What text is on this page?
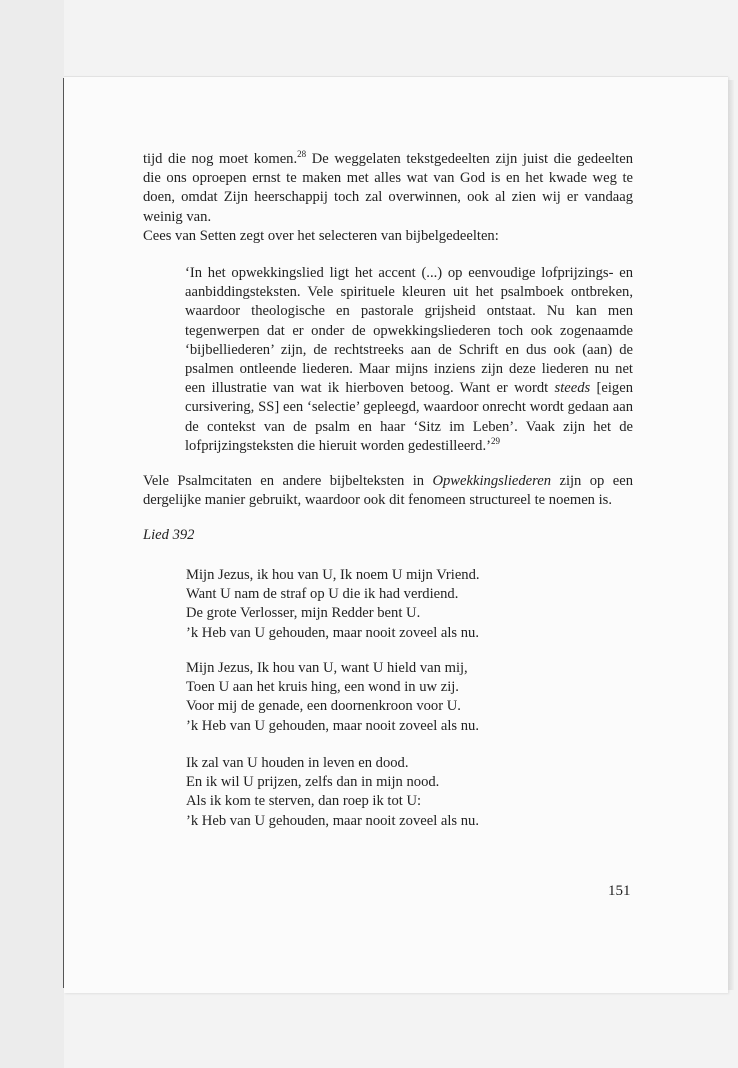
tijd die nog moet komen.$^{28}$ De weggelaten tekstgedeelten zijn juist die gedeelten die ons oproepen ernst te maken met alles wat van God is en het kwade weg te doen, omdat Zijn heerschappij toch zal overwinnen, ook al zien wij er vandaag weinig van.
Cees van Setten zegt over het selecteren van bijbelgedeelten:
‘In het opwekkingslied ligt het accent (...) op eenvoudige lofprijzings- en aanbiddingsteksten. Vele spirituele kleuren uit het psalmboek ontbreken, waardoor theologische en pastorale grijsheid ontstaat. Nu kan men tegenwerpen dat er onder de opwekkingsliederen toch ook zogenaamde ‘bijbelliederen’ zijn, de rechtstreeks aan de Schrift en dus ook (aan) de psalmen ontleende liederen. Maar mijns inziens zijn deze liederen nu net een illustratie van wat ik hierboven betoog. Want er wordt steeds [eigen cursivering, SS] een ‘selectie’ gepleegd, waardoor onrecht wordt gedaan aan de contekst van de psalm en haar ‘Sitz im Leben’. Vaak zijn het de lofprijzingsteksten die hieruit worden gedestilleerd.’$^{29}$
Vele Psalmcitaten en andere bijbelteksten in Opwekkingsliederen zijn op een dergelijke manier gebruikt, waardoor ook dit fenomeen structureel te noemen is.
Lied 392
Mijn Jezus, ik hou van U, Ik noem U mijn Vriend.
Want U nam de straf op U die ik had verdiend.
De grote Verlosser, mijn Redder bent U.
’k Heb van U gehouden, maar nooit zoveel als nu.
Mijn Jezus, Ik hou van U, want U hield van mij,
Toen U aan het kruis hing, een wond in uw zij.
Voor mij de genade, een doornenkroon voor U.
’k Heb van U gehouden, maar nooit zoveel als nu.
Ik zal van U houden in leven en dood.
En ik wil U prijzen, zelfs dan in mijn nood.
Als ik kom te sterven, dan roep ik tot U:
’k Heb van U gehouden, maar nooit zoveel als nu.
151
